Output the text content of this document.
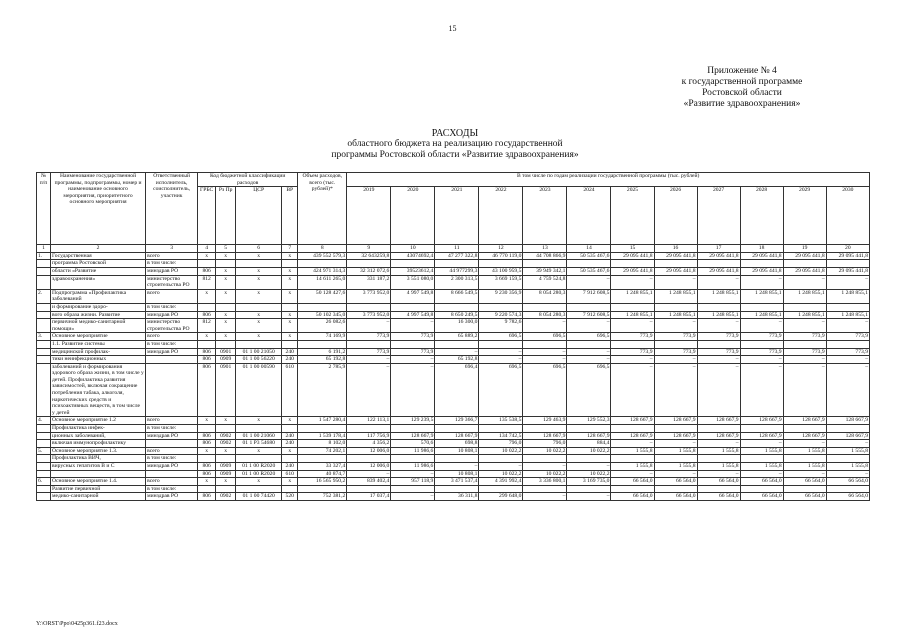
15
Приложение № 4
к государственной программе
Ростовской области
«Развитие здравоохранения»
РАСХОДЫ
областного бюджета на реализацию государственной
программы Ростовской области «Развитие здравоохранения»
№ п/п	Наименование государственной программы, подпрограммы, номер и наименование основного мероприятия, приоритетного основного мероприятия	Ответственный исполнитель, соисполнитель, участник	Код бюджетной классификации расходов				Объем расходов, всего (тыс. рублей)*	В том числе по годам реализации государственной программы (тыс. рублей)											
			ГРБС	Рз Пр	ЦСР	ВР		2019	2020	2021	2022	2023	2024	2025	2026	2027	2028	2029	2030
1	2	3	4	5	6	7	8	9	10	11	12	13	14	15	16	17	18	19	20
1.	Государственная	всего	x	x	x	x	439 552 579,3	32 643259,8	43074692,4	47 277 322,8	46 770 119,0	44 708 866,9	50 535 467,6	29 095 441,8	29 095 441,8	29 095 441,8	29 095 441,8	29 095 441,8	29 095 441,8
	программа Ростовской	в том числе:																	
	области «Развитие	минздрав РО	806	x	x	x	424 971 314,3	32 312 072,6	39523612,4	44 977299,3	43 100 959,5	39 949 342,1	50 535 467,6	29 095 441,8	29 095 441,8	29 095 441,8	29 095 441,8	29 095 441,8	29 095 441,8
	здравоохранения»	министерство строительства РО	812	x	x	x	14 611 265,0	331 187,2	3 551 080,0	2 300 313,5	3 669 159,5	4 759 524,8	–	–	–	–	–	–	–
2.	Подпрограмма «Профилактика заболеваний	всего	x	x	x	x	50 128 427,6	3 773 952,0	4 997 549,8	8 666 549,5	9 230 356,9	8 054 280,3	7 912 608,5	1 248 855,1	1 248 855,1	1 248 855,1	1 248 855,1	1 248 855,1	1 248 855,1
	и формирование здоро-	в том числе:																	
	вого образа жизни. Развитие	минздрав РО	806	x	x	x	50 102 345,0	3 773 952,0	4 997 549,8	8 650 249,5	9 220 574,3	8 054 280,3	7 912 608,5	1 248 855,1	1 248 855,1	1 248 855,1	1 248 855,1	1 248 855,1	1 248 855,1
	первичной медико-санитарной помощи»	министерство строительства РО	812	x	x	x	26 082,6	–	–	16 300,0	9 782,6	–	–	–	–	–	–	–	–
3.	Основное мероприятие	всего	x	x	x	x	74 169,9	773,9	773,9	65 889,2	696,5	696,5	696,5	773,9	773,9	773,9	773,9	773,9	773,9
	1.1. Развитие системы	в том числе:																	
	медицинской профилак-	минздрав РО	806	0901	01 1 00 21050	240	6 191,2	773,9	773,9	–	–	–	–	773,9	773,9	773,9	773,9	773,9	773,9
	тики неинфекционных		806	0909	01 1 00 56220	240	65 192,8	–	–	65 192,8	–	–	–	–	–	–	–	–	–
	заболеваний и формирования здорового образа жизни, в том числе у детей. Профилактика развития зависимостей, включая сокращение потребления табака, алкоголя, наркотических средств и психоактивных веществ, в том числе у детей		806	0901	01 1 00 00590	610	2 785,9	–	–	696,4	696,5	696,5	696,5	–	–	–	–	–	–
4.	Основное мероприятие 1.2	всего	x	x	x	x	1 547 280,4	122 113,1	129 239,5	129 366,7	135 538,5	129 463,9	129 552,3	128 667,9	128 667,9	128 667,9	128 667,9	128 667,9	128 667,9
	Профилактика инфек-	в том числе:																	
	ционных заболеваний,	минздрав РО	806	0902	01 1 00 21060	240	1 539 178,4	117 756,9	128 667,9	128 667,9	134 742,5	128 667,9	128 667,9	128 667,9	128 667,9	128 667,9	128 667,9	128 667,9	128 667,9
	включая иммунопрофилактику		806	0902	01 1 Р3 54680	240	8 102,0	4 356,2	570,6	698,8	796,0	796,0	884,4	–	–	–	–	–	–
5.	Основное мероприятие 1.3.	всего	x	x	x	x	74 202,1	12 006,0	11 986,6	10 808,1	10 022,2	10 022,2	10 022,2	1 555,8	1 555,8	1 555,8	1 555,8	1 555,8	1 555,8
	Профилактика ВИЧ,	в том числе:																	
	вирусных гепатитов В и С	минздрав РО	806	0909	01 1 00 R2020	240	33 327,4	12 006,0	11 986,6	–	–	–	–	1 555,8	1 555,8	1 555,8	1 555,8	1 555,8	1 555,8
			806	0909	01 1 00 R2020	610	40 874,7	–	–	10 808,1	10 022,2	10 022,2	10 022,2	–	–	–	–	–	–
6.	Основное мероприятие 1.4.	всего	x	x	x	x	16 565 950,2	839 402,4	957 118,9	3 471 537,4	4 391 992,4	3 336 800,1	3 169 735,0	66 564,0	66 564,0	66 564,0	66 564,0	66 564,0	66 564,0
	Развитие первичной	в том числе:																	
	медико-санитарной	минздрав РО	806	0902	01 1 00 74420	520	752 381,2	17 037,4	–	36 311,8	299 648,0	–	–	66 564,0	66 564,0	66 564,0	66 564,0	66 564,0	66 564,0
Y:\ORST\Ppo\0425p361.f23.docx
